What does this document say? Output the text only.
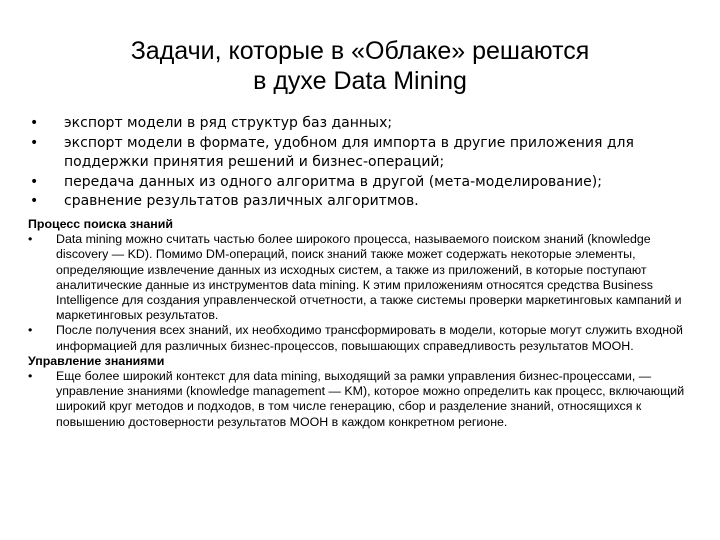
Задачи, которые в «Облаке» решаются
в духе Data Mining
• экспорт модели в ряд структур баз данных;
• экспорт модели в формате, удобном для импорта в другие приложения для поддержки принятия решений и бизнес-операций;
• передача данных из одного алгоритма в другой (мета-моделирование);
• сравнение результатов различных алгоритмов.
Процесс поиска знаний
• Data mining можно считать частью более широкого процесса, называемого поиском знаний (knowledge discovery — KD). Помимо DM-операций, поиск знаний также может содержать некоторые элементы, определяющие извлечение данных из исходных систем, а также из приложений, в которые поступают аналитические данные из инструментов data mining. К этим приложениям относятся средства Business Intelligence для создания управленческой отчетности, а также системы проверки маркетинговых кампаний и маркетинговых результатов.
• После получения всех знаний, их необходимо трансформировать в модели, которые могут служить входной информацией для различных бизнес-процессов, повышающих справедливость результатов МООН.
Управление знаниями
• Еще более широкий контекст для data mining, выходящий за рамки управления бизнес-процессами, — управление знаниями (knowledge management — KM), которое можно определить как процесс, включающий широкий круг методов и подходов, в том числе генерацию, сбор и разделение знаний, относящихся к повышению достоверности результатов МООН в каждом конкретном регионе.
